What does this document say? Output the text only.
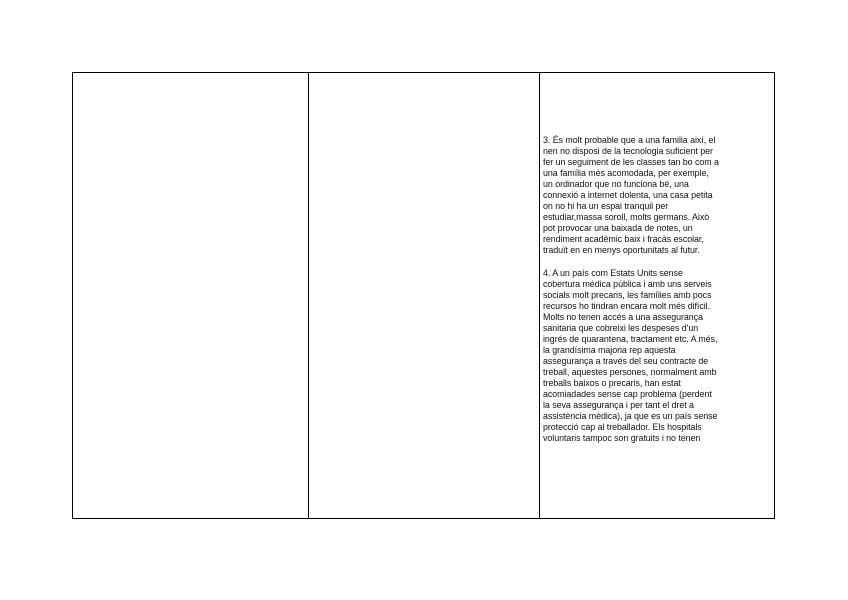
3. És molt probable que a una familia així, el
nen no disposi de la tecnologia suficient per
fer un seguiment de les classes tan bo com a
una família més acomodada, per exemple,
un ordinador que no funciona bé, una
connexió a internet dolenta, una casa petita
on no hi ha un espai tranquil per
estudiar,massa soroll, molts germans. Això
pot provocar una baixada de notes, un
rendiment acadèmic baix i fracàs escolar,
traduït en en menys oportunitats al futur.

4. A un país com Estats Units sense
cobertura médica pública i amb uns serveis
socials molt precaris, les famílies amb pocs
recursos ho tindran encara molt més difícil.
Molts no tenen accés a una assegurança
sanitaria que cobreixi les despeses d'un
ingrés de quarantena, tractament etc. A més,
la grandísima majoria rep aquesta
assegurança a través del seu contracte de
treball, aquestes persones, normalment amb
treballs baixos o precaris, han estat
acomiadades sense cap problema (perdent
la seva assegurança i per tant el dret a
assistència mèdica), ja que es un país sense
protecció cap al treballador. Els hospitals
voluntaris tampoc son gratuits i no tenen
